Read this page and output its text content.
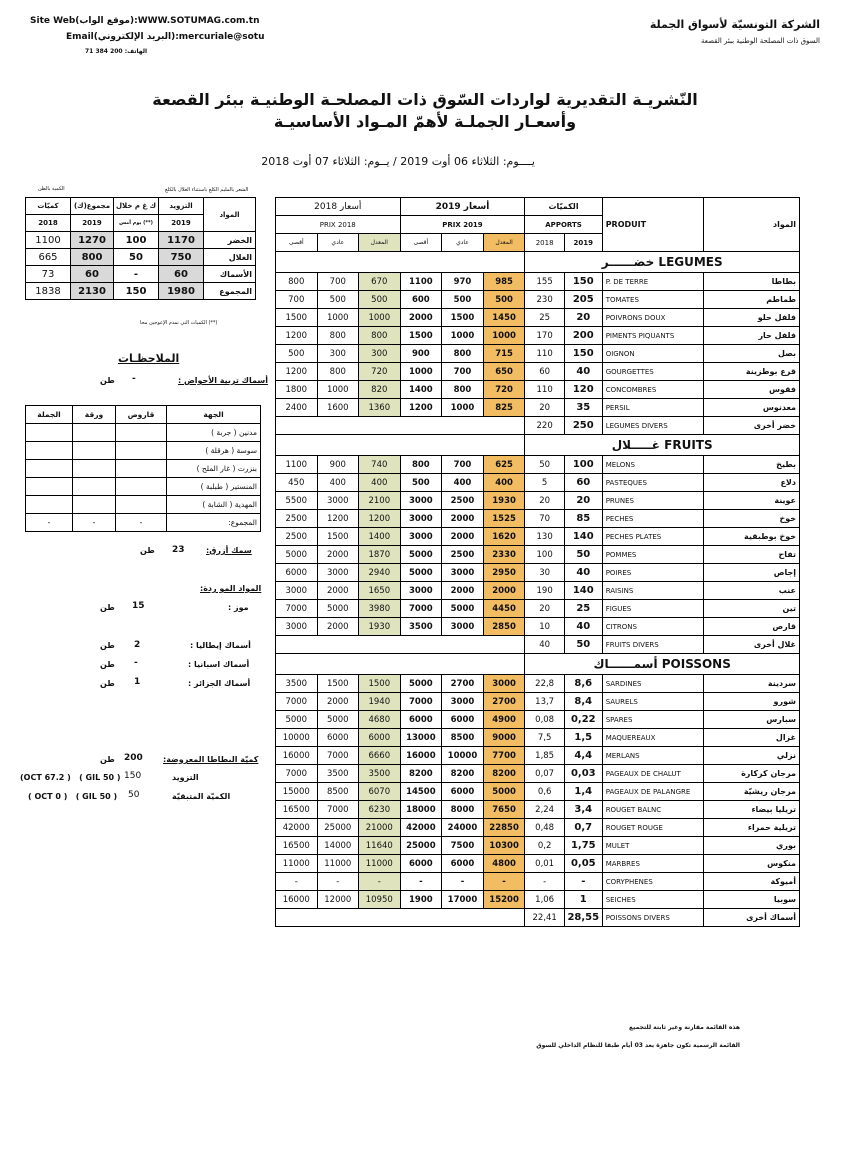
الشركة التونسيّة لأسواق الجملة
السوق ذات المصلحة الوطنية ببئر القصعة
Site Web(موقع الواب):WWW.SOTUMAG.com.tn
Email(البريد الإلكتروني):mercuriale@sotu
الهاتف: 200 384 71
النّشريـة التقديرية لواردات السّوق ذات المصلحـة الوطنيـة ببئر القصعة
وأسعـار الجملـة لأهمّ المـواد الأساسيـة
يــــوم: الثلاثاء 06 أوت 2019 / يــوم: الثلاثاء 07 أوت 2018
الكمية بالطن	الشعر بالمليم الكلغ باستثناء الغلال بالكلغ
كميّات	مجموع(ك)	ك غ م خلال	التزويد	المواد
2018	2019	يوم أمس (**)	2019	
1100	1270	100	1170	الخضر
665	800	50	750	الغلال
73	60	-	60	الأسماك
1838	2130	150	1980	المجموع
(**) الكميات التي تمدم الإعوجين محا
الملاحظـات
أسماك تربية الأحواض :
-
طن
الجملة	ورقة	قاروص	الجهة
			مدنين ( جربة )
			سوسة ( هرقلة )
			بنزرت ( غار الملح )
			المنستير ( طبلبة )
			المهدية ( الشابة )
-	-	-	المجموع:
سمك أزرق:
23
طن
المواد المو ردة:
موز :
15
طن
أسماك إيطاليا :
2
طن
أسماك اسبانيا :
-
طن
أسماك الجزائر :
1
طن
كميّة البطاطا المعروضة:
200
طن
التزويد
150
(OCT 67.2 )   ( GIL 50 )
الكميّة المتبقيّة
50
( OCT 0 )   ( GIL 50 )
أسعار 2018			أسعار 2019			الكميّات		PRODUIT	المواد
PRIX 2018			PRIX 2019			APPORTS			
أقصى	عادي	المعدل	أقصى	عادي	المعدل	2018	2019		
						خضــــــر LEGUMES			
800	700	670	1100	970	985	155	150	P. DE TERRE	بطاطا
700	500	500	600	500	500	230	205	TOMATES	طماطم
1500	1000	1000	2000	1500	1450	25	20	POIVRONS DOUX	فلفل حلو
1200	800	800	1500	1000	1000	170	200	PIMENTS PIQUANTS	فلفل حار
500	300	300	900	800	715	110	150	OIGNON	بصل
1200	800	720	1000	700	650	60	40	GOURGETTES	قرع بوطزينة
1800	1000	820	1400	800	720	110	120	CONCOMBRES	فقوس
2400	1600	1360	1200	1000	825	20	35	PERSIL	معدنوس
						220	250	LEGUMES DIVERS	خضر أخرى
						غـــــلال FRUITS			
1100	900	740	800	700	625	50	100	MELONS	بطيخ
450	400	400	500	400	400	5	60	PASTEQUES	دلاع
5500	3000	2100	3000	2500	1930	20	20	PRUNES	عوينة
2500	1200	1200	3000	2000	1525	70	85	PECHES	خوخ
2500	1500	1400	3000	2000	1620	130	140	PECHES PLATES	خوخ بوطبقية
5000	2000	1870	5000	2500	2330	100	50	POMMES	تفاح
6000	3000	2940	5000	3000	2950	30	40	POIRES	إجاص
3000	2000	1650	3000	2000	2000	190	140	RAISINS	عنب
7000	5000	3980	7000	5000	4450	20	25	FIGUES	تين
3000	2000	1930	3500	3000	2850	10	40	CITRONS	قارص
						40	50	FRUITS DIVERS	غلال أخرى
						أسمــــــاك POISSONS			
3500	1500	1500	5000	2700	3000	22,8	8,6	SARDINES	سردينة
7000	2000	1940	7000	3000	2700	13,7	8,4	SAURELS	شورو
5000	5000	4680	6000	6000	4900	0,08	0,22	SPARES	سبارس
10000	6000	6000	13000	8500	9000	7,5	1,5	MAQUEREAUX	غزال
16000	7000	6660	16000	10000	7700	1,85	4,4	MERLANS	نزلي
7000	3500	3500	8200	8200	8200	0,07	0,03	PAGEAUX DE CHALUT	مرجان كركارة
15000	8500	6070	14500	6000	5000	0,6	1,4	PAGEAUX DE PALANGRE	مرجان ريشيّة
16500	7000	6230	18000	8000	7650	2,24	3,4	ROUGET BALNC	تريليا بيضاء
42000	25000	21000	42000	24000	22850	0,48	0,7	ROUGET ROUGE	تريلية حمراء
16500	14000	11640	25000	7500	10300	0,2	1,75	MULET	بوري
11000	11000	11000	6000	6000	4800	0,01	0,05	MARBRES	منكوس
-	-	-	-	-	-	-	-	CORYPHENES	أميوكة
16000	12000	10950	1900	17000	15200	1,06	1	SEICHES	سوبيا
						22,41	28,55	POISSONS DIVERS	أسماك أخرى
هذه القائمة مقارنة وغير ثابتة للتجميع
القائمة الرسمية تكون جاهزة بعد 03 أيام طبقا للنظام الداخلي للسوق
